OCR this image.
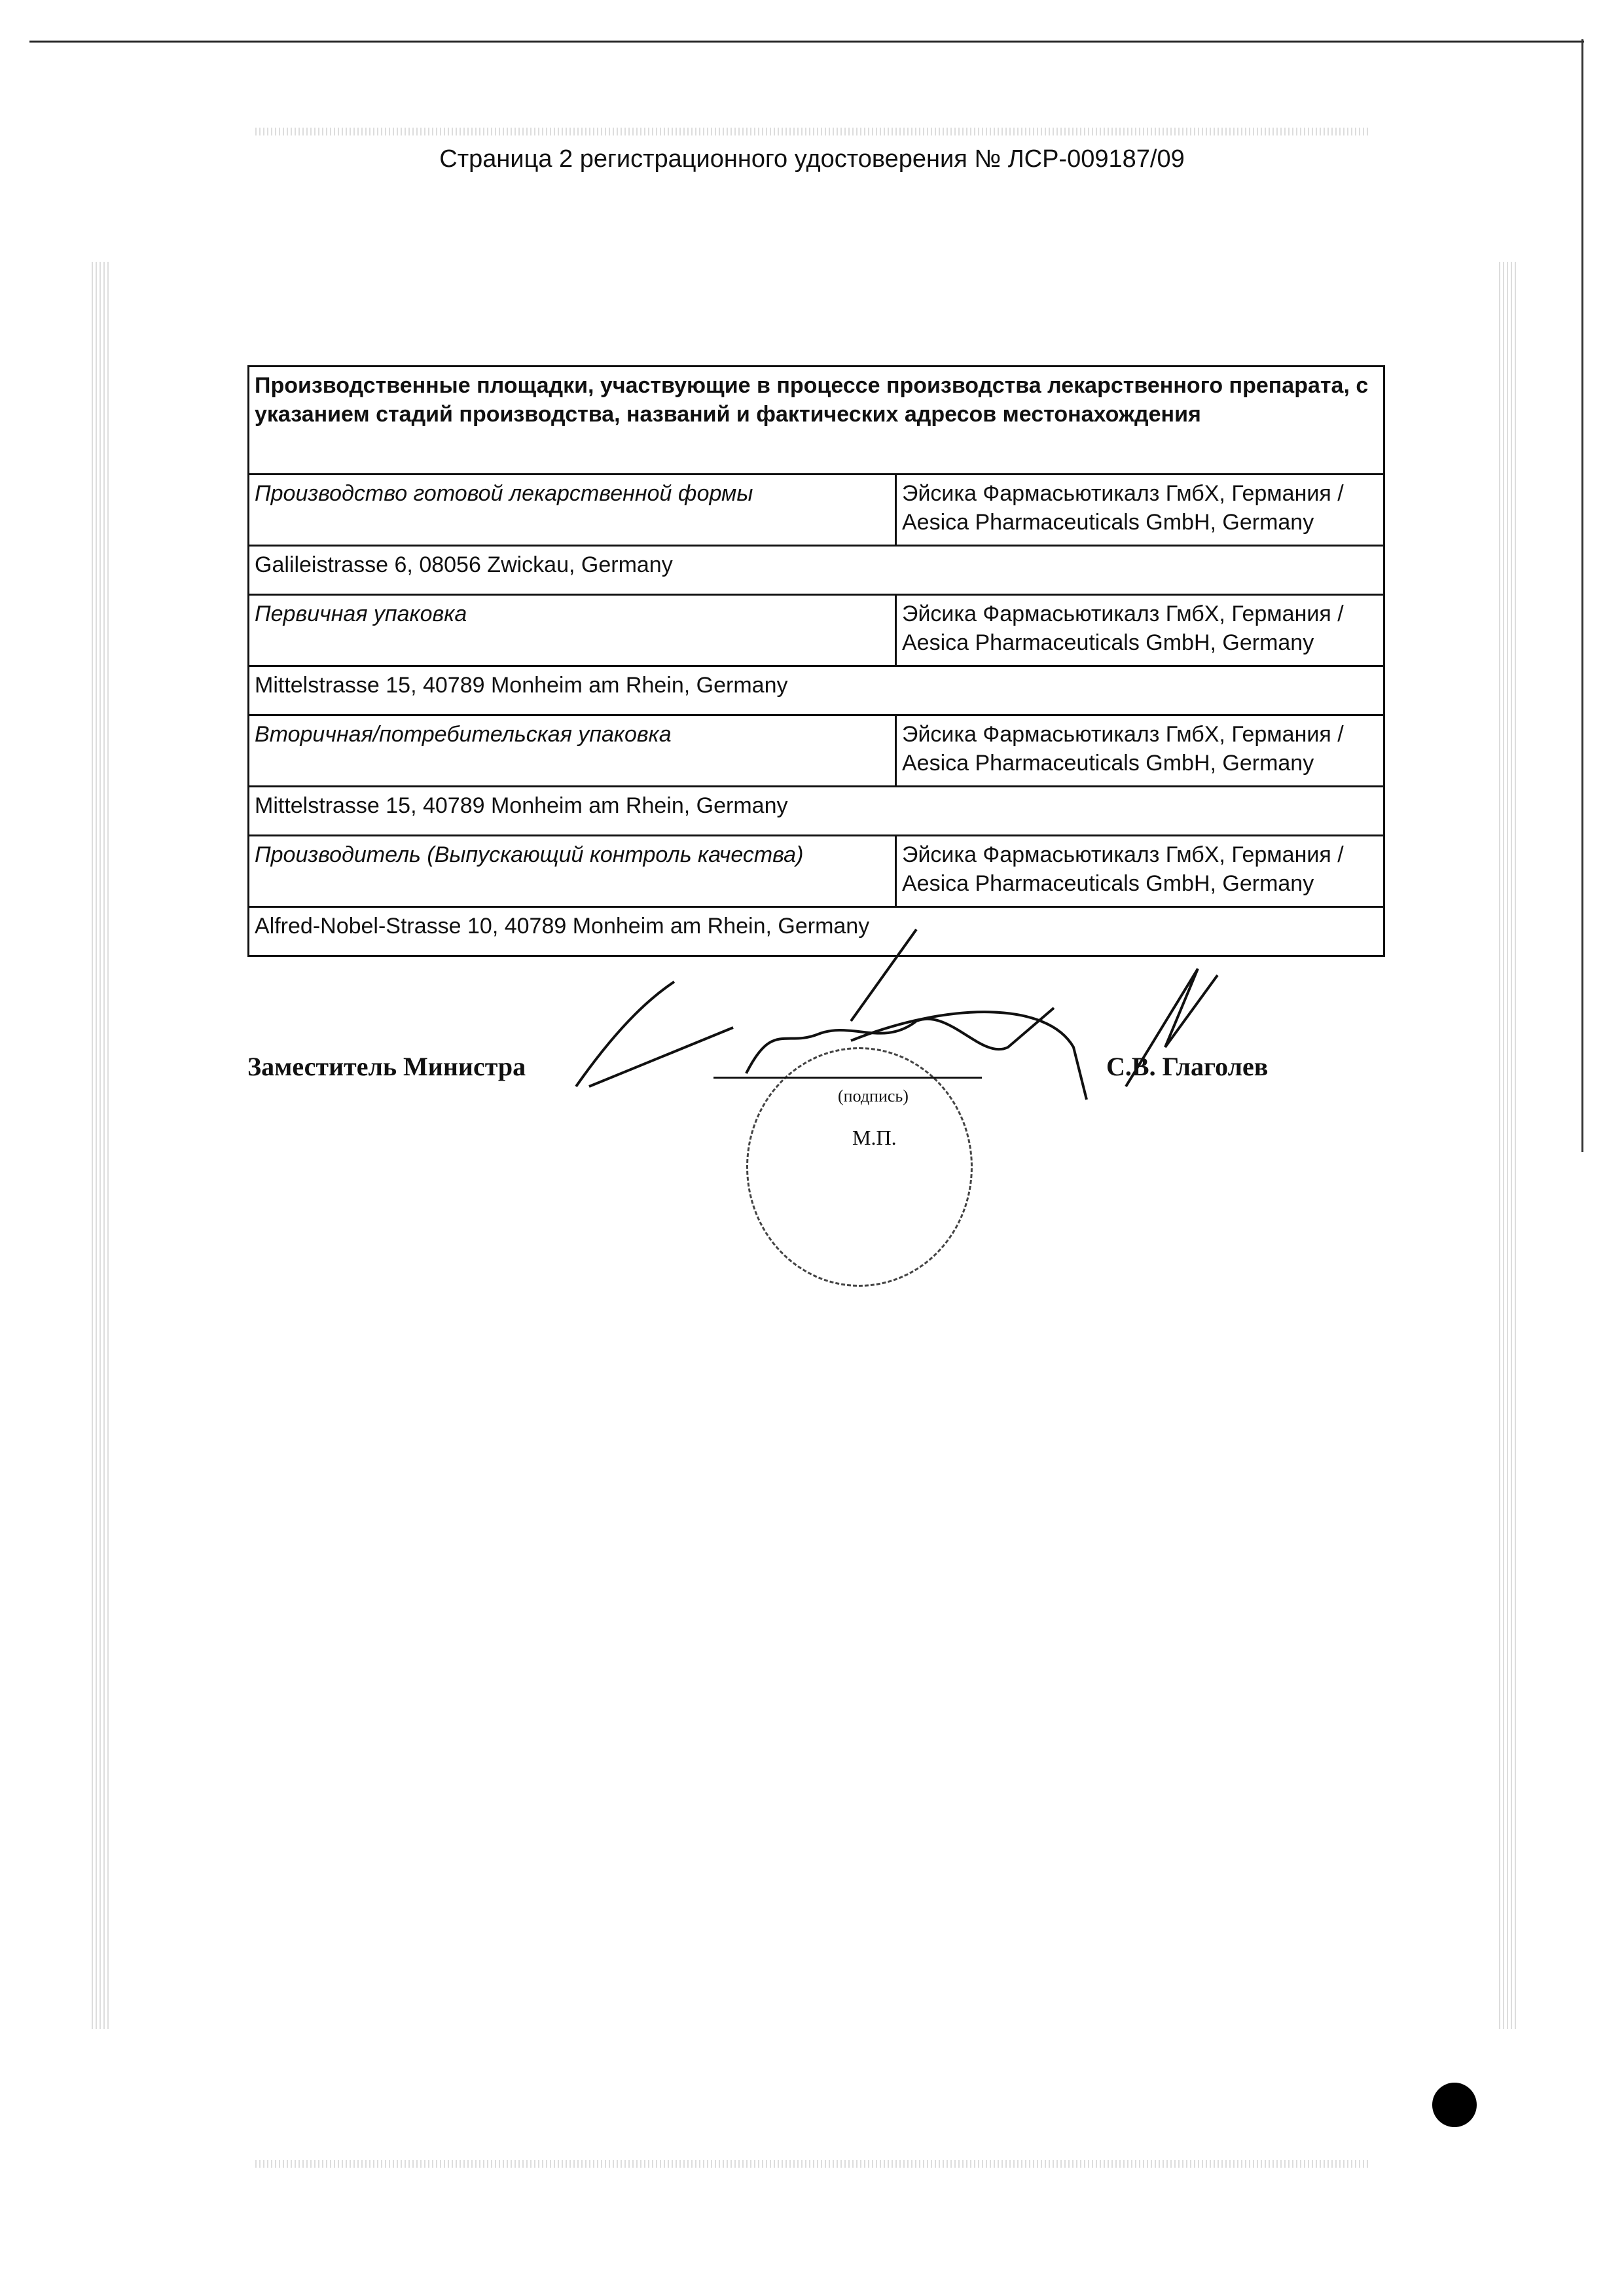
Страница 2 регистрационного удостоверения № ЛСР-009187/09
Производственные площадки, участвующие в процессе производства лекарственного препарата, с указанием стадий производства, названий и фактических адресов местонахождения	
Производство готовой лекарственной формы	Эйсика Фармасьютикалз ГмбХ, Германия / Aesica Pharmaceuticals GmbH, Germany
Galileistrasse 6, 08056 Zwickau, Germany	
Первичная упаковка	Эйсика Фармасьютикалз ГмбХ, Германия / Aesica Pharmaceuticals GmbH, Germany
Mittelstrasse 15, 40789 Monheim am Rhein, Germany	
Вторичная/потребительская упаковка	Эйсика Фармасьютикалз ГмбХ, Германия / Aesica Pharmaceuticals GmbH, Germany
Mittelstrasse 15, 40789 Monheim am Rhein, Germany	
Производитель (Выпускающий контроль качества)	Эйсика Фармасьютикалз ГмбХ, Германия / Aesica Pharmaceuticals GmbH, Germany
Alfred-Nobel-Strasse 10, 40789 Monheim am Rhein, Germany	
Заместитель Министра	С.В. Глаголев
(подпись)
М.П.
